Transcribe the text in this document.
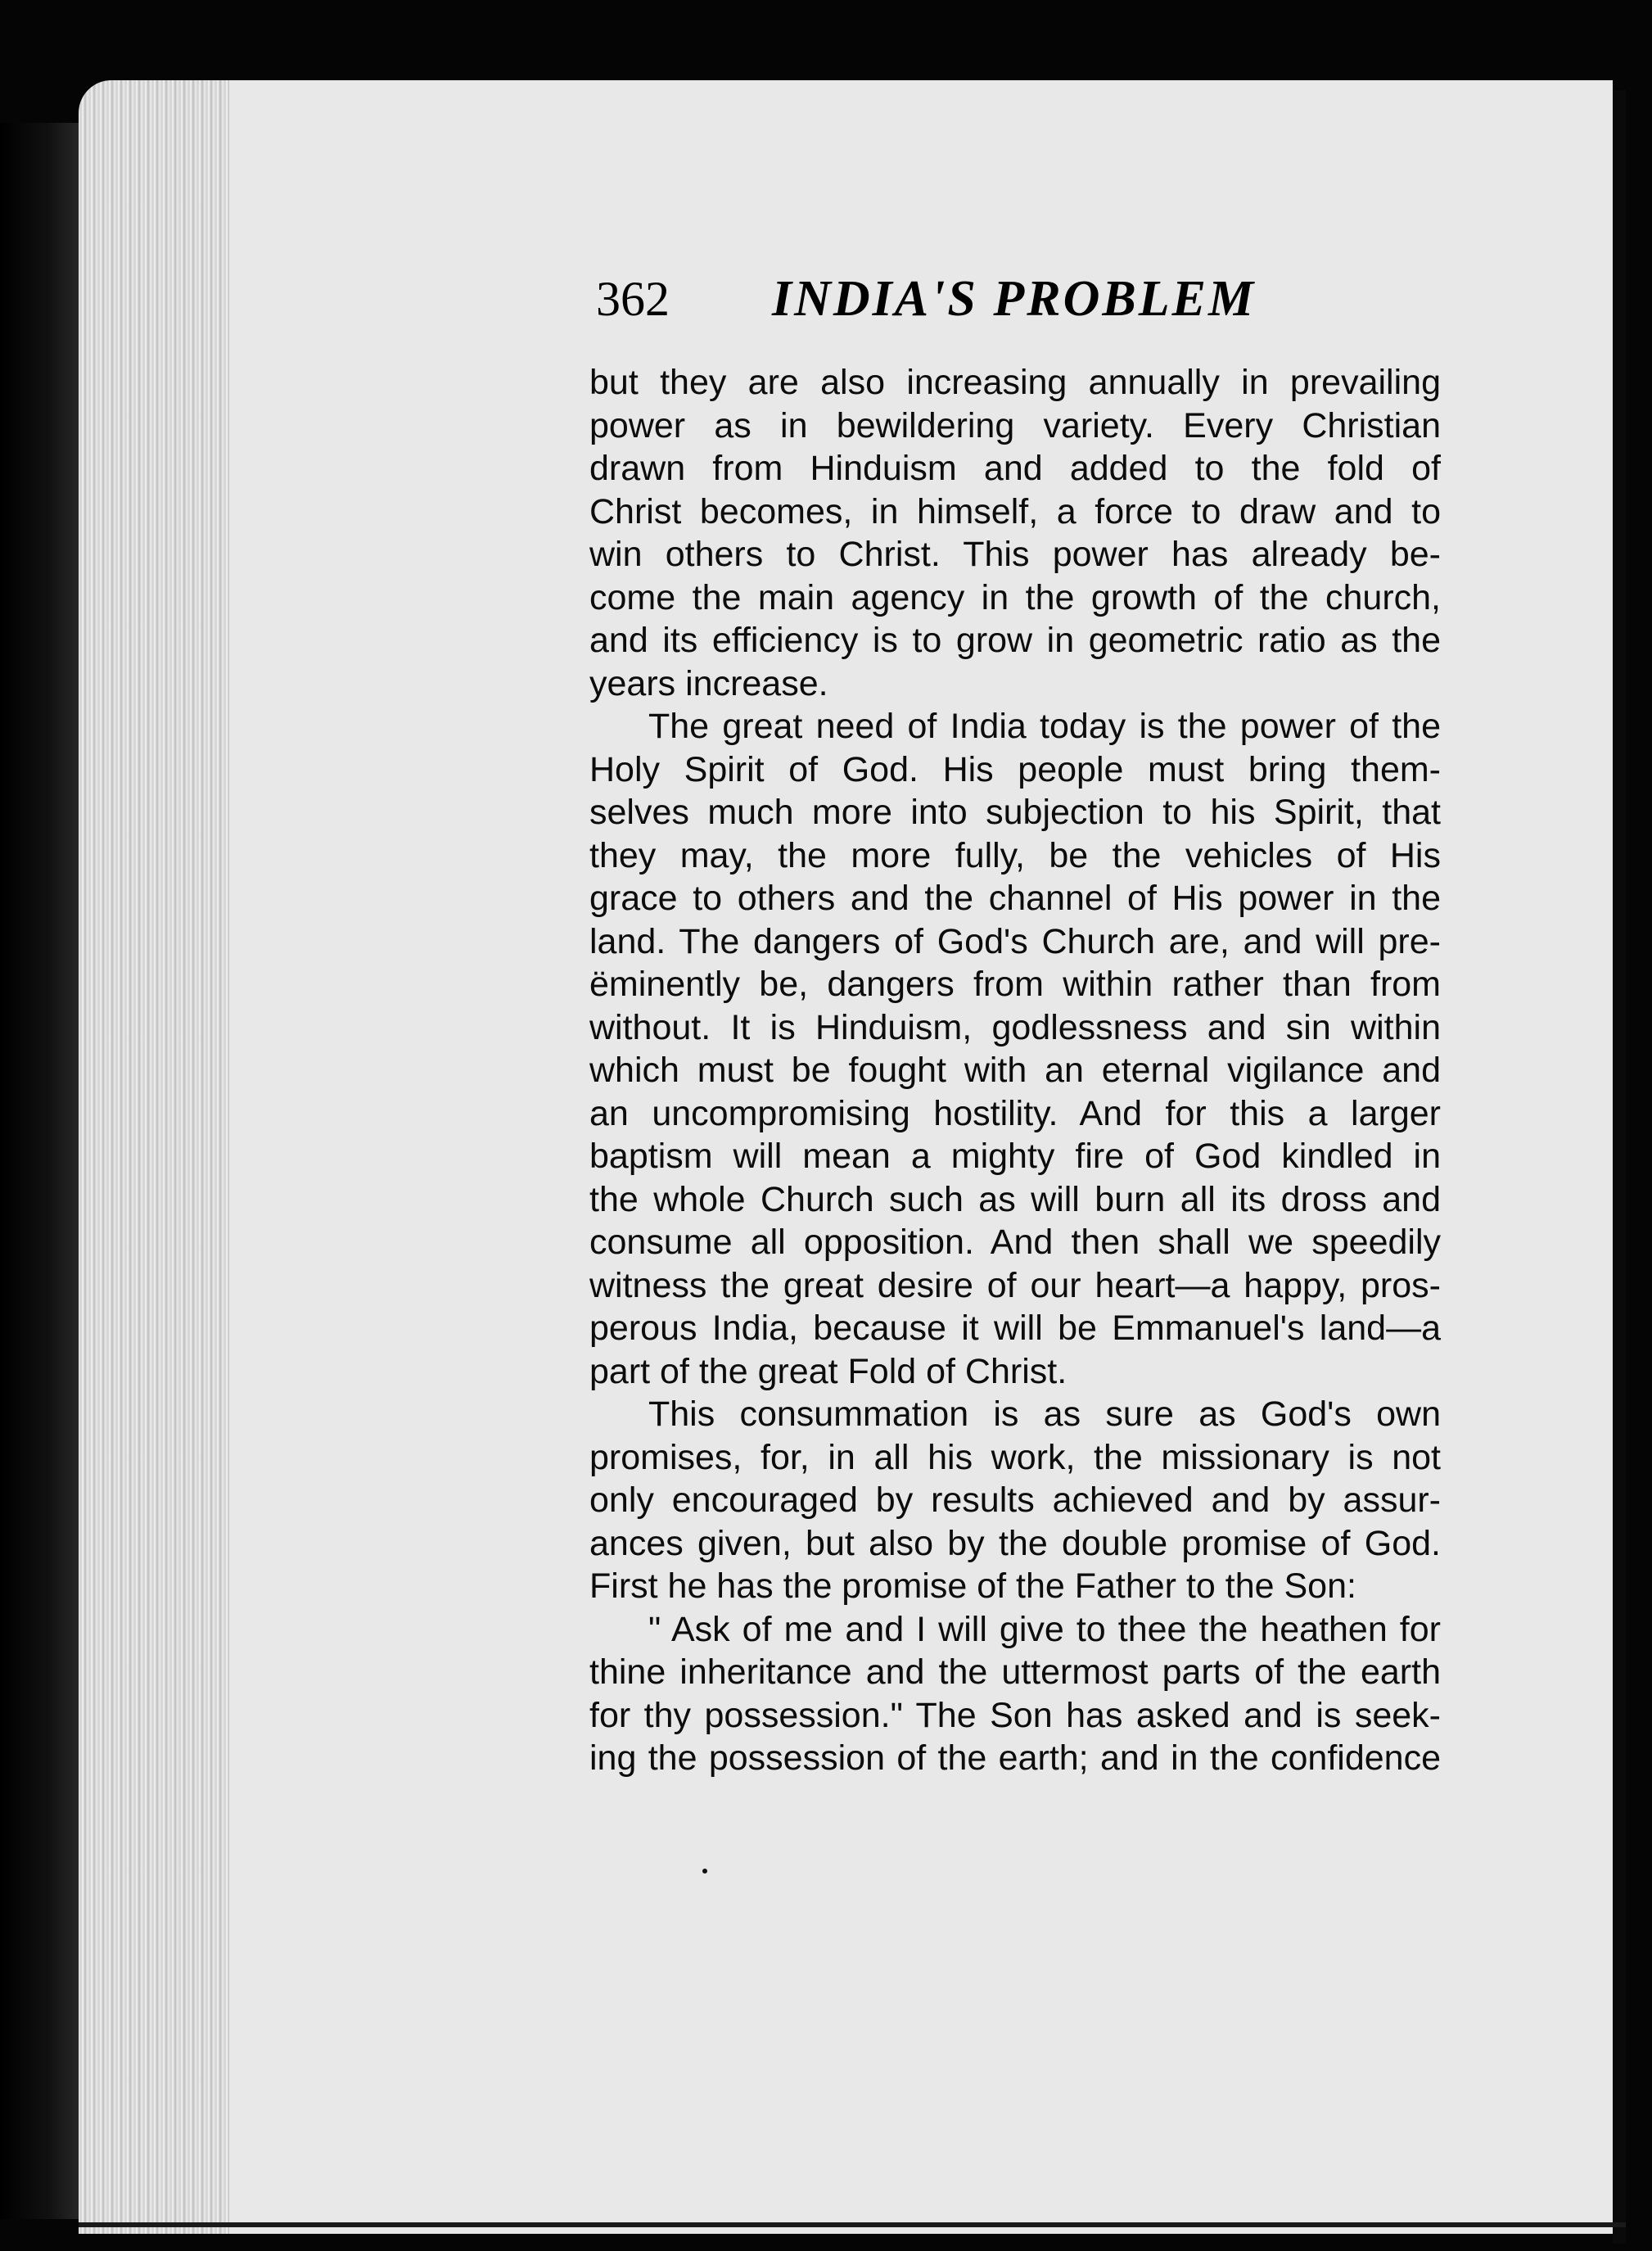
362 INDIA'S PROBLEM
but they are also increasing annually in prevailing
power as in bewildering variety. Every Christian
drawn from Hinduism and added to the fold of
Christ becomes, in himself, a force to draw and to
win others to Christ. This power has already be-
come the main agency in the growth of the church,
and its efficiency is to grow in geometric ratio as the
years increase.
The great need of India today is the power of the
Holy Spirit of God. His people must bring them-
selves much more into subjection to his Spirit, that
they may, the more fully, be the vehicles of His
grace to others and the channel of His power in the
land. The dangers of God's Church are, and will pre-
ëminently be, dangers from within rather than from
without. It is Hinduism, godlessness and sin within
which must be fought with an eternal vigilance and
an uncompromising hostility. And for this a larger
baptism will mean a mighty fire of God kindled in
the whole Church such as will burn all its dross and
consume all opposition. And then shall we speedily
witness the great desire of our heart—a happy, pros-
perous India, because it will be Emmanuel's land—a
part of the great Fold of Christ.
This consummation is as sure as God's own
promises, for, in all his work, the missionary is not
only encouraged by results achieved and by assur-
ances given, but also by the double promise of God.
First he has the promise of the Father to the Son:
" Ask of me and I will give to thee the heathen for
thine inheritance and the uttermost parts of the earth
for thy possession." The Son has asked and is seek-
ing the possession of the earth; and in the confidence
